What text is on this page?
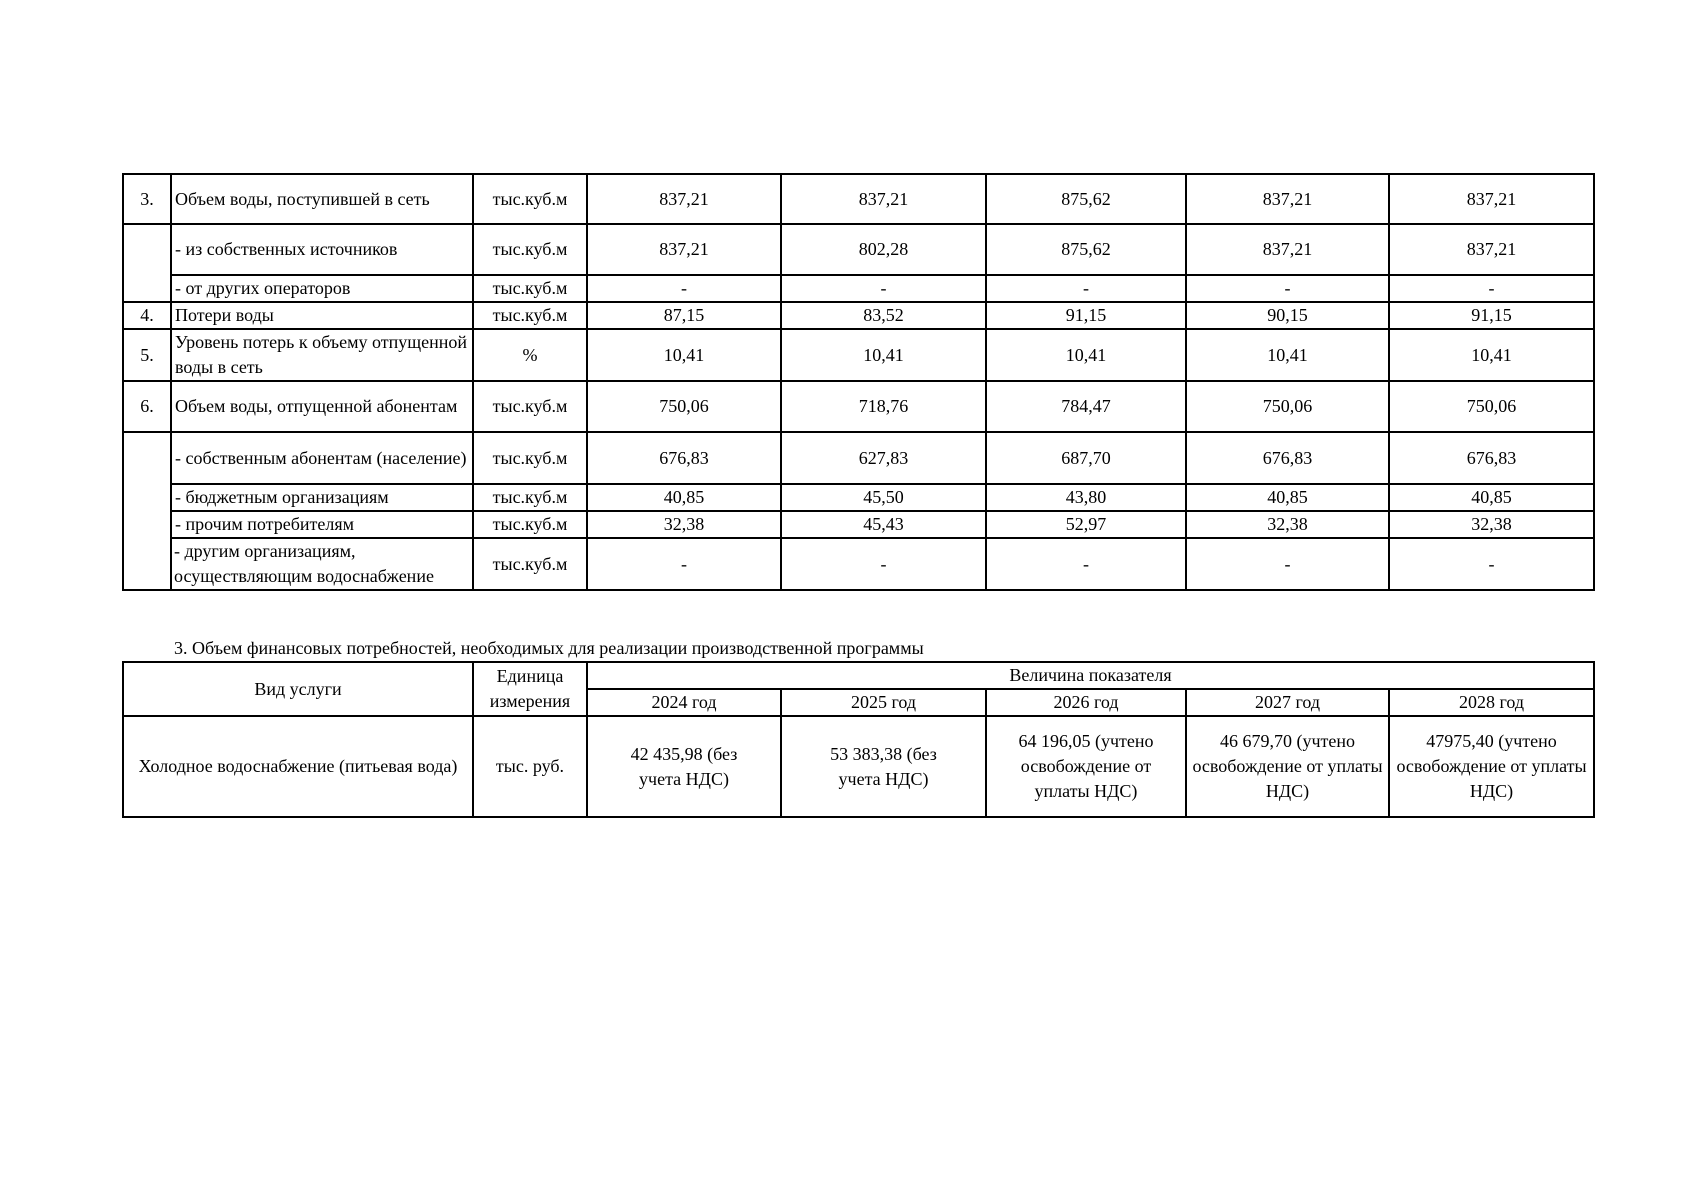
3.	Объем воды, поступившей в сеть	тыс.куб.м	837,21	837,21	875,62	837,21	837,21
	- из собственных источников	тыс.куб.м	837,21	802,28	875,62	837,21	837,21
	- от других операторов	тыс.куб.м	-	-	-	-	-
4.	Потери воды	тыс.куб.м	87,15	83,52	91,15	90,15	91,15
5.	Уровень потерь к объему отпущенной воды в сеть	%	10,41	10,41	10,41	10,41	10,41
6.	Объем воды, отпущенной абонентам	тыс.куб.м	750,06	718,76	784,47	750,06	750,06
	- собственным абонентам (население)	тыс.куб.м	676,83	627,83	687,70	676,83	676,83
	- бюджетным организациям	тыс.куб.м	40,85	45,50	43,80	40,85	40,85
	- прочим потребителям	тыс.куб.м	32,38	45,43	52,97	32,38	32,38
	- другим организациям, осуществляющим водоснабжение	тыс.куб.м	-	-	-	-	-
3. Объем финансовых потребностей, необходимых для реализации производственной программы
Вид услуги	Единица измерения	Величина показателя				
		2024 год	2025 год	2026 год	2027 год	2028 год
Холодное водоснабжение (питьевая вода)	тыс. руб.	42 435,98 (без учета НДС)	53 383,38 (без учета НДС)	64 196,05 (учтено освобождение от уплаты НДС)	46 679,70 (учтено освобождение от уплаты НДС)	47975,40 (учтено освобождение от уплаты НДС)
